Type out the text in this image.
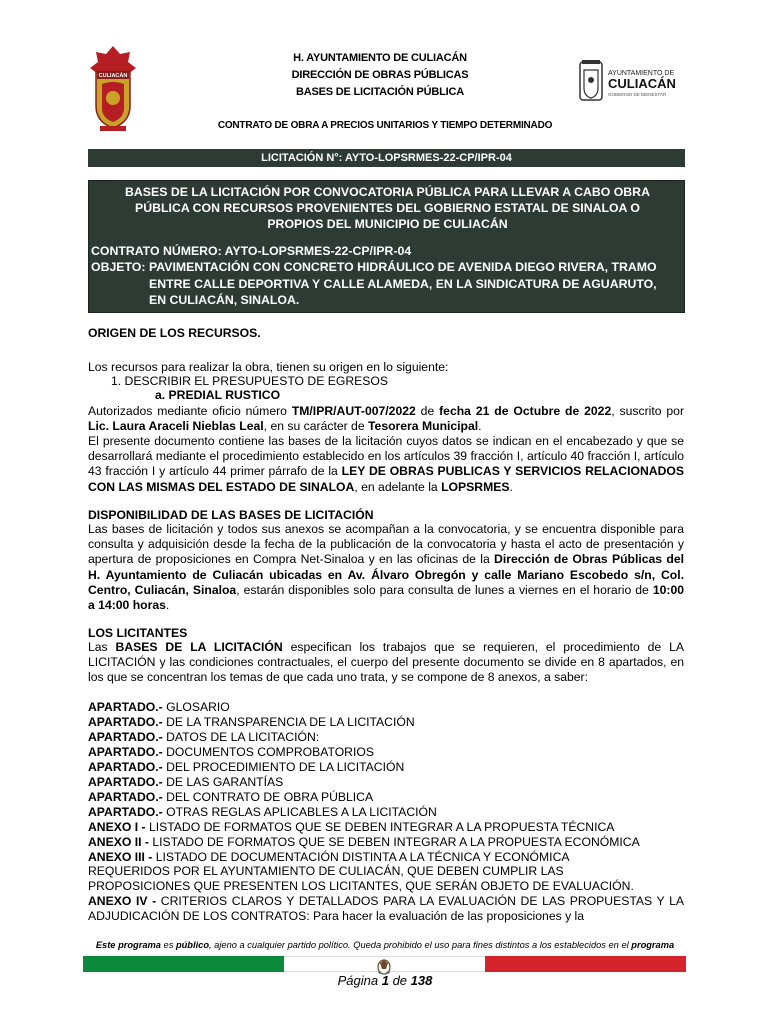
CULIACÁN	AYUNTAMIENTO DE
CULIACÁN
GOBIERNO DE BIENESTAR
H. AYUNTAMIENTO DE CULIACÁN
DIRECCIÓN DE OBRAS PÚBLICAS
BASES DE LICITACIÓN PÚBLICA
CONTRATO DE OBRA A PRECIOS UNITARIOS Y TIEMPO DETERMINADO
LICITACIÓN N°: AYTO-LOPSRMES-22-CP/IPR-04
BASES DE LA LICITACIÓN POR CONVOCATORIA PÚBLICA PARA LLEVAR A CABO OBRA
PÚBLICA CON RECURSOS PROVENIENTES DEL GOBIERNO ESTATAL DE SINALOA O
PROPIOS DEL MUNICIPIO DE CULIACÁN
CONTRATO NÚMERO: AYTO-LOPSRMES-22-CP/IPR-04
OBJETO: PAVIMENTACIÓN CON CONCRETO HIDRÁULICO DE AVENIDA DIEGO RIVERA, TRAMO
ENTRE CALLE DEPORTIVA Y CALLE ALAMEDA, EN LA SINDICATURA DE AGUARUTO,
EN CULIACÁN, SINALOA.
ORIGEN DE LOS RECURSOS.
Los recursos para realizar la obra, tienen su origen en lo siguiente:
1. DESCRIBIR EL PRESUPUESTO DE EGRESOS
a. PREDIAL RUSTICO
Autorizados mediante oficio número TM/IPR/AUT-007/2022 de fecha 21 de Octubre de 2022, suscrito por Lic. Laura Araceli Nieblas Leal, en su carácter de Tesorera Municipal.
El presente documento contiene las bases de la licitación cuyos datos se indican en el encabezado y que se desarrollará mediante el procedimiento establecido en los artículos 39 fracción I, artículo 40 fracción I, artículo 43 fracción I y artículo 44 primer párrafo de la LEY DE OBRAS PUBLICAS Y SERVICIOS RELACIONADOS CON LAS MISMAS DEL ESTADO DE SINALOA, en adelante la LOPSRMES.
DISPONIBILIDAD DE LAS BASES DE LICITACIÓN
Las bases de licitación y todos sus anexos se acompañan a la convocatoria, y se encuentra disponible para consulta y adquisición desde la fecha de la publicación de la convocatoria y hasta el acto de presentación y apertura de proposiciones en Compra Net-Sinaloa y en las oficinas de la Dirección de Obras Públicas del H. Ayuntamiento de Culiacán ubicadas en Av. Álvaro Obregón y calle Mariano Escobedo s/n, Col. Centro, Culiacán, Sinaloa, estarán disponibles solo para consulta de lunes a viernes en el horario de 10:00 a 14:00 horas.
LOS LICITANTES
Las BASES DE LA LICITACIÓN especifican los trabajos que se requieren, el procedimiento de LA LICITACIÓN y las condiciones contractuales, el cuerpo del presente documento se divide en 8 apartados, en los que se concentran los temas de que cada uno trata, y se compone de 8 anexos, a saber:
APARTADO.- GLOSARIO
APARTADO.- DE LA TRANSPARENCIA DE LA LICITACIÓN
APARTADO.- DATOS DE LA LICITACIÓN:
APARTADO.- DOCUMENTOS COMPROBATORIOS
APARTADO.- DEL PROCEDIMIENTO DE LA LICITACIÓN
APARTADO.- DE LAS GARANTÍAS
APARTADO.- DEL CONTRATO DE OBRA PÚBLICA
APARTADO.- OTRAS REGLAS APLICABLES A LA LICITACIÓN
ANEXO I - LISTADO DE FORMATOS QUE SE DEBEN INTEGRAR A LA PROPUESTA TÉCNICA
ANEXO II - LISTADO DE FORMATOS QUE SE DEBEN INTEGRAR A LA PROPUESTA ECONÓMICA
ANEXO III - LISTADO DE DOCUMENTACIÓN DISTINTA A LA TÉCNICA Y ECONÓMICA
REQUERIDOS POR EL AYUNTAMIENTO DE CULIACÁN, QUE DEBEN CUMPLIR LAS
PROPOSICIONES QUE PRESENTEN LOS LICITANTES, QUE SERÁN OBJETO DE EVALUACIÓN.
ANEXO IV - CRITERIOS CLAROS Y DETALLADOS PARA LA EVALUACIÓN DE LAS PROPUESTAS Y LA ADJUDICACIÓN DE LOS CONTRATOS: Para hacer la evaluación de las proposiciones y la
Este programa es público, ajeno a cualquier partido político. Queda prohibido el uso para fines distintos a los establecidos en el programa
Página 1 de 138
